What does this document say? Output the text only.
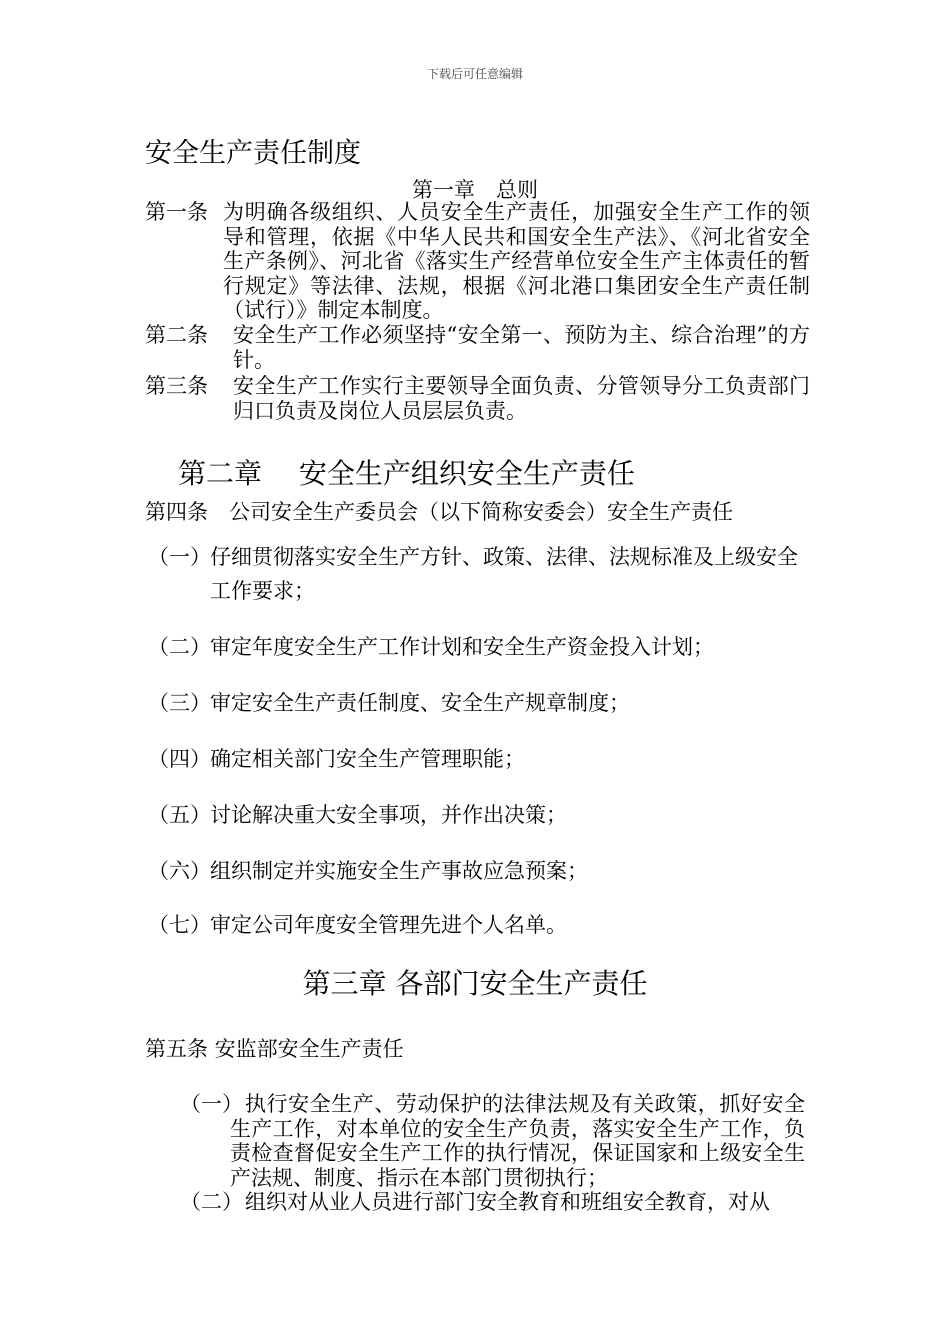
下载后可任意编辑
安全生产责任制度
第一章　总则
第一条 为明确各级组织、人员安全生产责任，加强安全生产工作的领导和管理，依据《中华人民共和国安全生产法》、《河北省安全生产条例》、河北省《落实生产经营单位安全生产主体责任的暂行规定》等法律、法规，根据《河北港口集团安全生产责任制（试行）》制定本制度。
第二条 安全生产工作必须坚持“安全第一、预防为主、综合治理”的方针。
第三条 安全生产工作实行主要领导全面负责、分管领导分工负责部门归口负责及岗位人员层层负责。
第二章　 安全生产组织安全生产责任
第四条　公司安全生产委员会（以下简称安委会）安全生产责任
（一） 仔细贯彻落实安全生产方针、政策、法律、法规标准及上级安全工作要求；
（二） 审定年度安全生产工作计划和安全生产资金投入计划；
（三） 审定安全生产责任制度、安全生产规章制度；
（四） 确定相关部门安全生产管理职能；
（五） 讨论解决重大安全事项，并作出决策；
（六） 组织制定并实施安全生产事故应急预案；
（七） 审定公司年度安全管理先进个人名单。
第三章 各部门安全生产责任
第五条 安监部安全生产责任
（一） 执行安全生产、劳动保护的法律法规及有关政策，抓好安全生产工作，对本单位的安全生产负责，落实安全生产工作，负责检查督促安全生产工作的执行情况，保证国家和上级安全生产法规、制度、指示在本部门贯彻执行；
（二） 组织对从业人员进行部门安全教育和班组安全教育，对从
